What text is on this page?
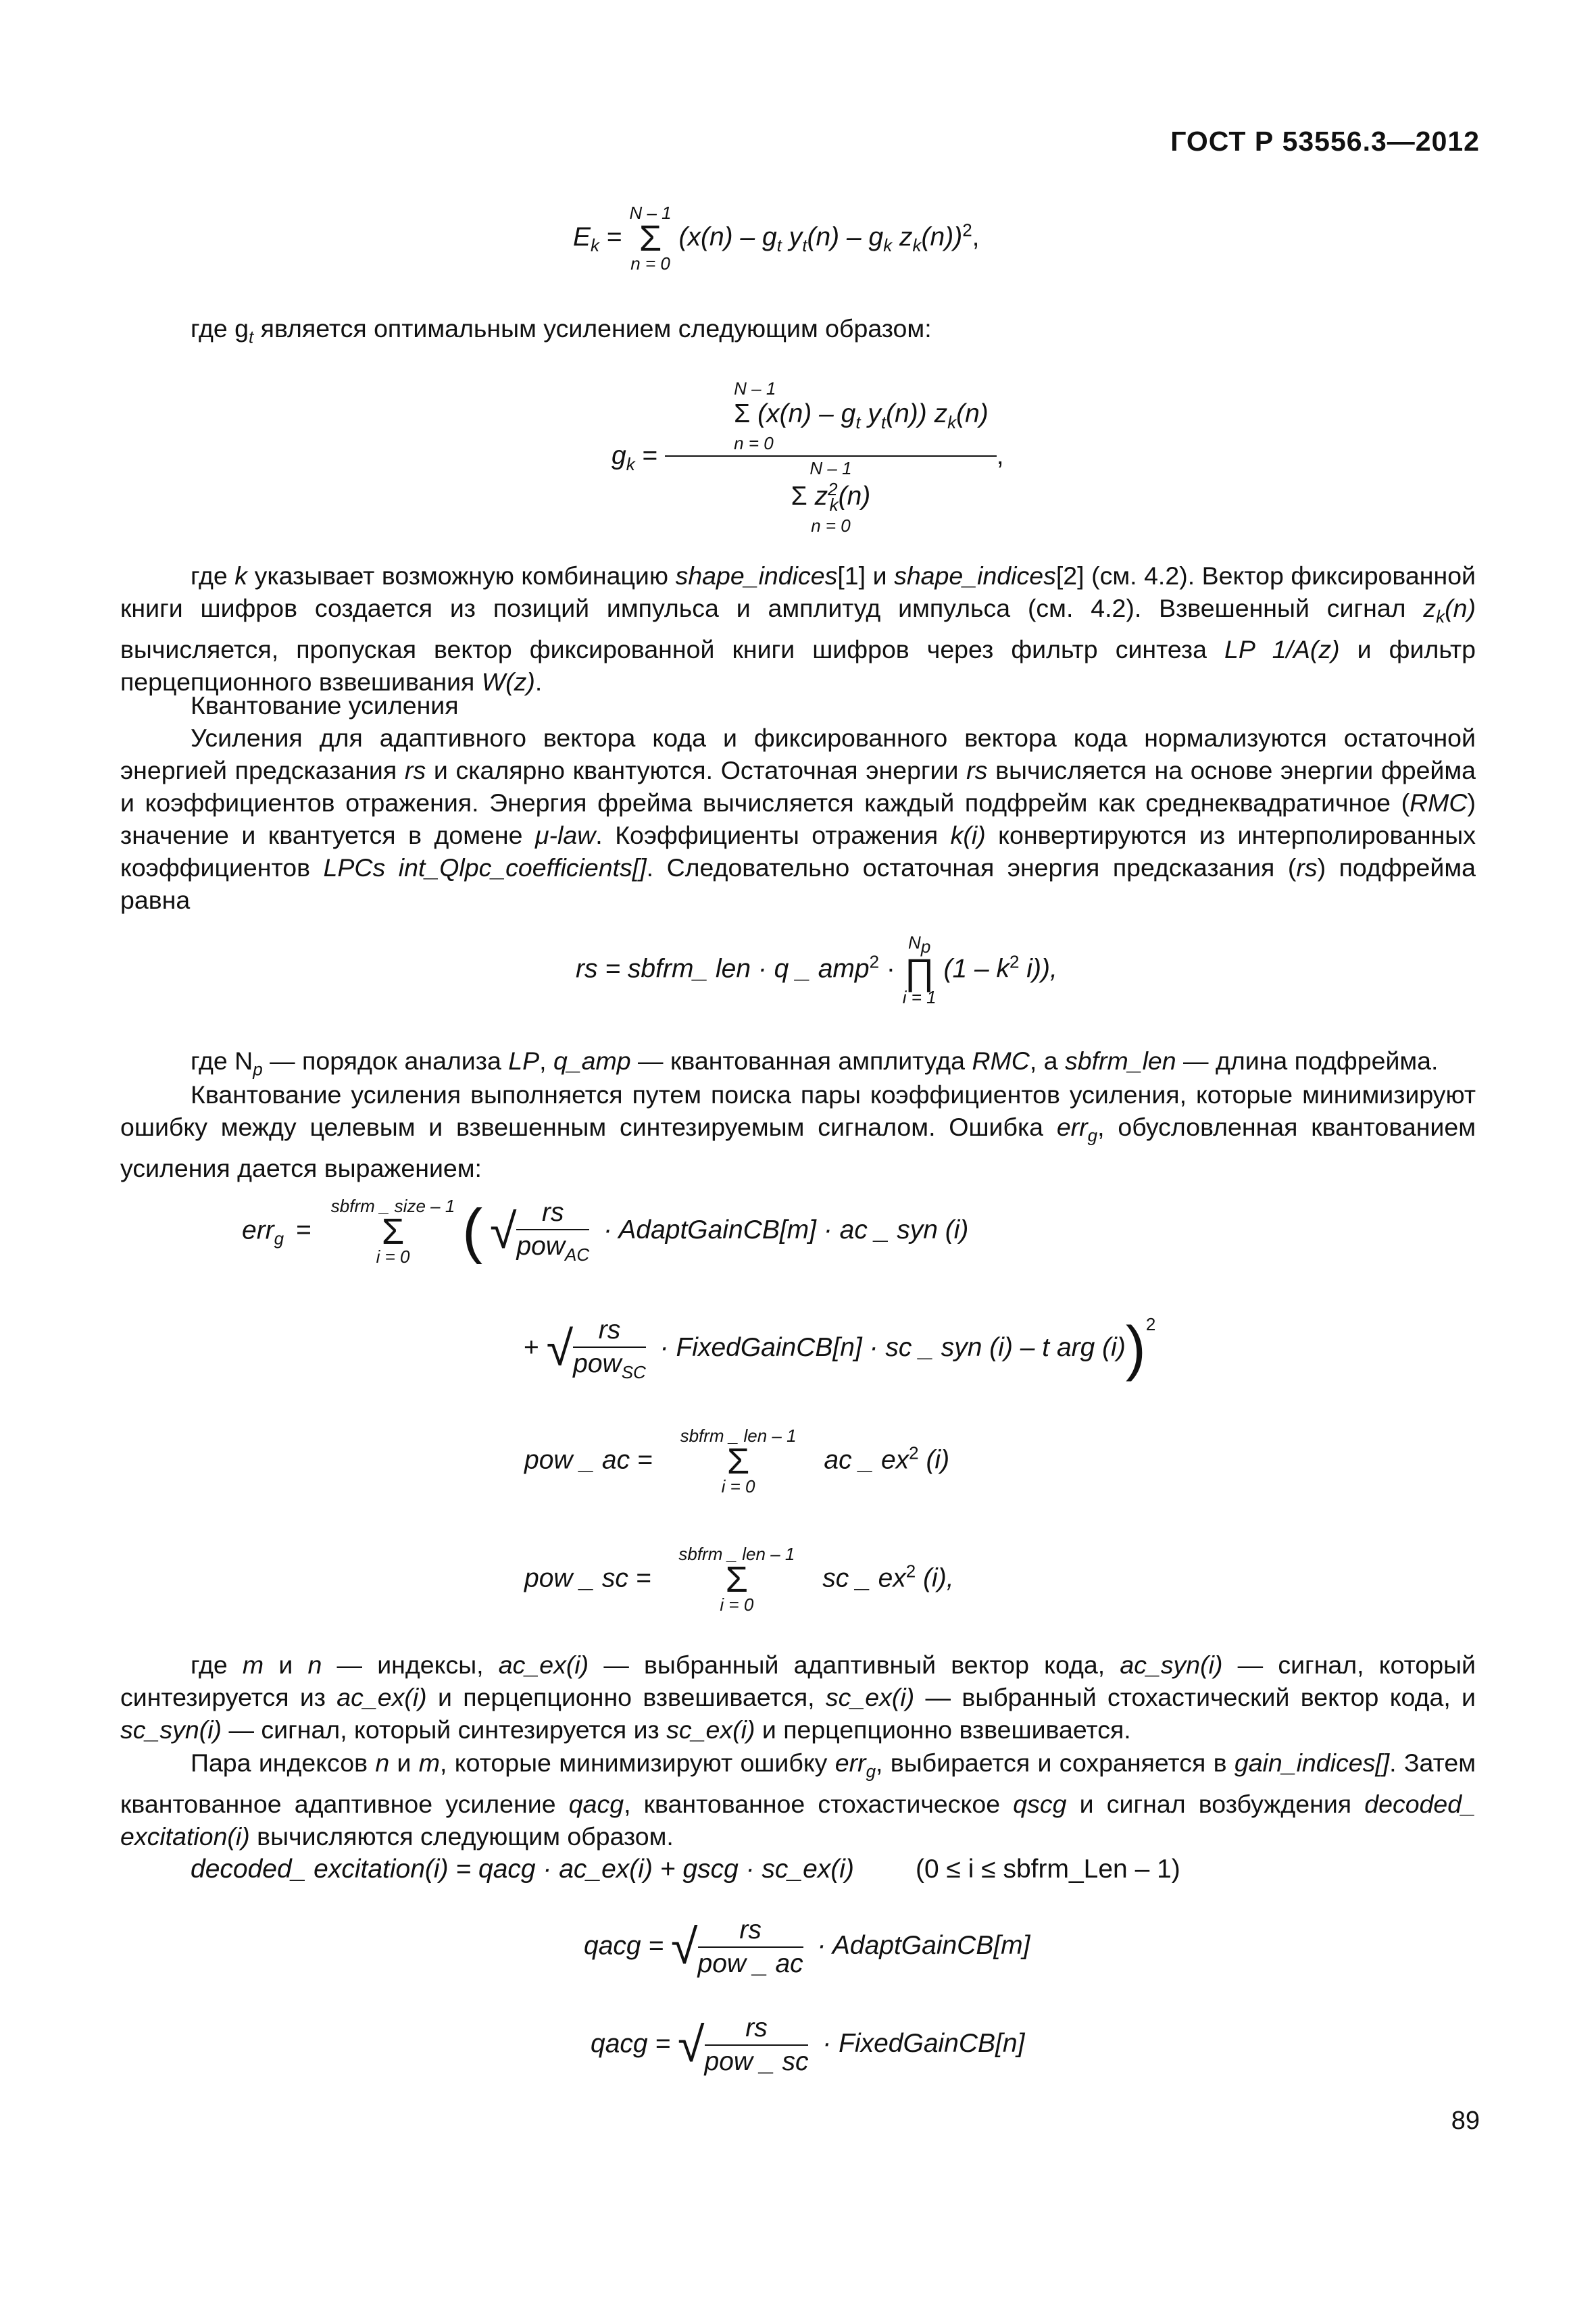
ГОСТ Р 53556.3—2012
$E_k$ =
N – 1
Σ
n = 0
($x(n) - g_t$ $y_t(n) - g_k$ $z_k(n))^2$,
где $g_t$ является оптимальным усилением следующим образом:
$g_k = N - 1$
Σ ($x(n) - g_t$ $y_t(n)$) $z_k(n)$
n = 0
N – 1
Σ $z^2_k(n)$
n = 0 ,
где k указывает возможную комбинацию shape_indices[1] и shape_indices[2] (см. 4.2). Вектор фиксированной книги шифров создается из позиций импульса и амплитуд импульса (см. 4.2). Взвешенный сигнал $z_k(n)$ вычисляется, пропуская вектор фиксированной книги шифров через фильтр синтеза LP 1/A(z) и фильтр перцепционного взвешивания W(z).
Квантование усиления
Усиления для адаптивного вектора кода и фиксированного вектора кода нормализуются остаточной энергией предсказания rs и скалярно квантуются. Остаточная энергии rs вычисляется на основе энергии фрейма и коэффициентов отражения. Энергия фрейма вычисляется каждый подфрейм как среднеквадратичное (RMC) значение и квантуется в домене μ-law. Коэффициенты отражения k(i) конвертируются из интерполированных коэффициентов LPCs int_Qlpc_coefficients[]. Следовательно остаточная энергия предсказания (rs) подфрейма равна
rs = sbfrm_ len · q _ amp$^2$ ·
$N_p$
∏
i = 1
($1 - k^2$ i)),
где $N_p$ — порядок анализа LP, q_amp — квантованная амплитуда RMC, а sbfrm_len — длина подфрейма.
Квантование усиления выполняется путем поиска пары коэффициентов усиления, которые минимизируют ошибку между целевым и взвешенным синтезируемым сигналом. Ошибка err$_g$, обусловленная квантованием усиления дается выражением:
err$_g$ =
sbfrm _ size – 1
Σ
i = 0 ( √ $\frac{rs}{pow_{AC}}$ · AdaptGainCB[m] · ac _ syn (i)
+ √ $\frac{rs}{pow_{SC}}$ · FixedGainCB[n] · sc _ syn (i) – t arg (i))$^2$
pow _ ac =
sbfrm _ len – 1
Σ
i = 0
ac _ $ex^2$ (i)
pow _ sc =
sbfrm _ len – 1
Σ
i = 0
sc _ $ex^2$ (i),
где m и n — индексы, ac_ex(i) — выбранный адаптивный вектор кода, ac_syn(i) — сигнал, который синтезируется из ac_ex(i) и перцепционно взвешивается, sc_ex(i) — выбранный стохастический вектор кода, и sc_syn(i) — сигнал, который синтезируется из sc_ex(i) и перцепционно взвешивается.
Пара индексов n и m, которые минимизируют ошибку err$_g$, выбирается и сохраняется в gain_indices[]. Затем квантованное адаптивное усиление qacg, квантованное стохастическое qscg и сигнал возбуждения decoded_ excitation(i) вычисляются следующим образом.
decoded_ excitation(i) = qacg · ac_ex(i) + gscg · sc_ex(i) (0 ≤ i ≤ sbfrm_Len – 1)
qacg = √ $\frac{rs}{\text{pow \_ ac}}$ · AdaptGainCB[m]
qacg = √ $\frac{rs}{\text{pow \_ sc}}$ · FixedGainCB[n]
89
